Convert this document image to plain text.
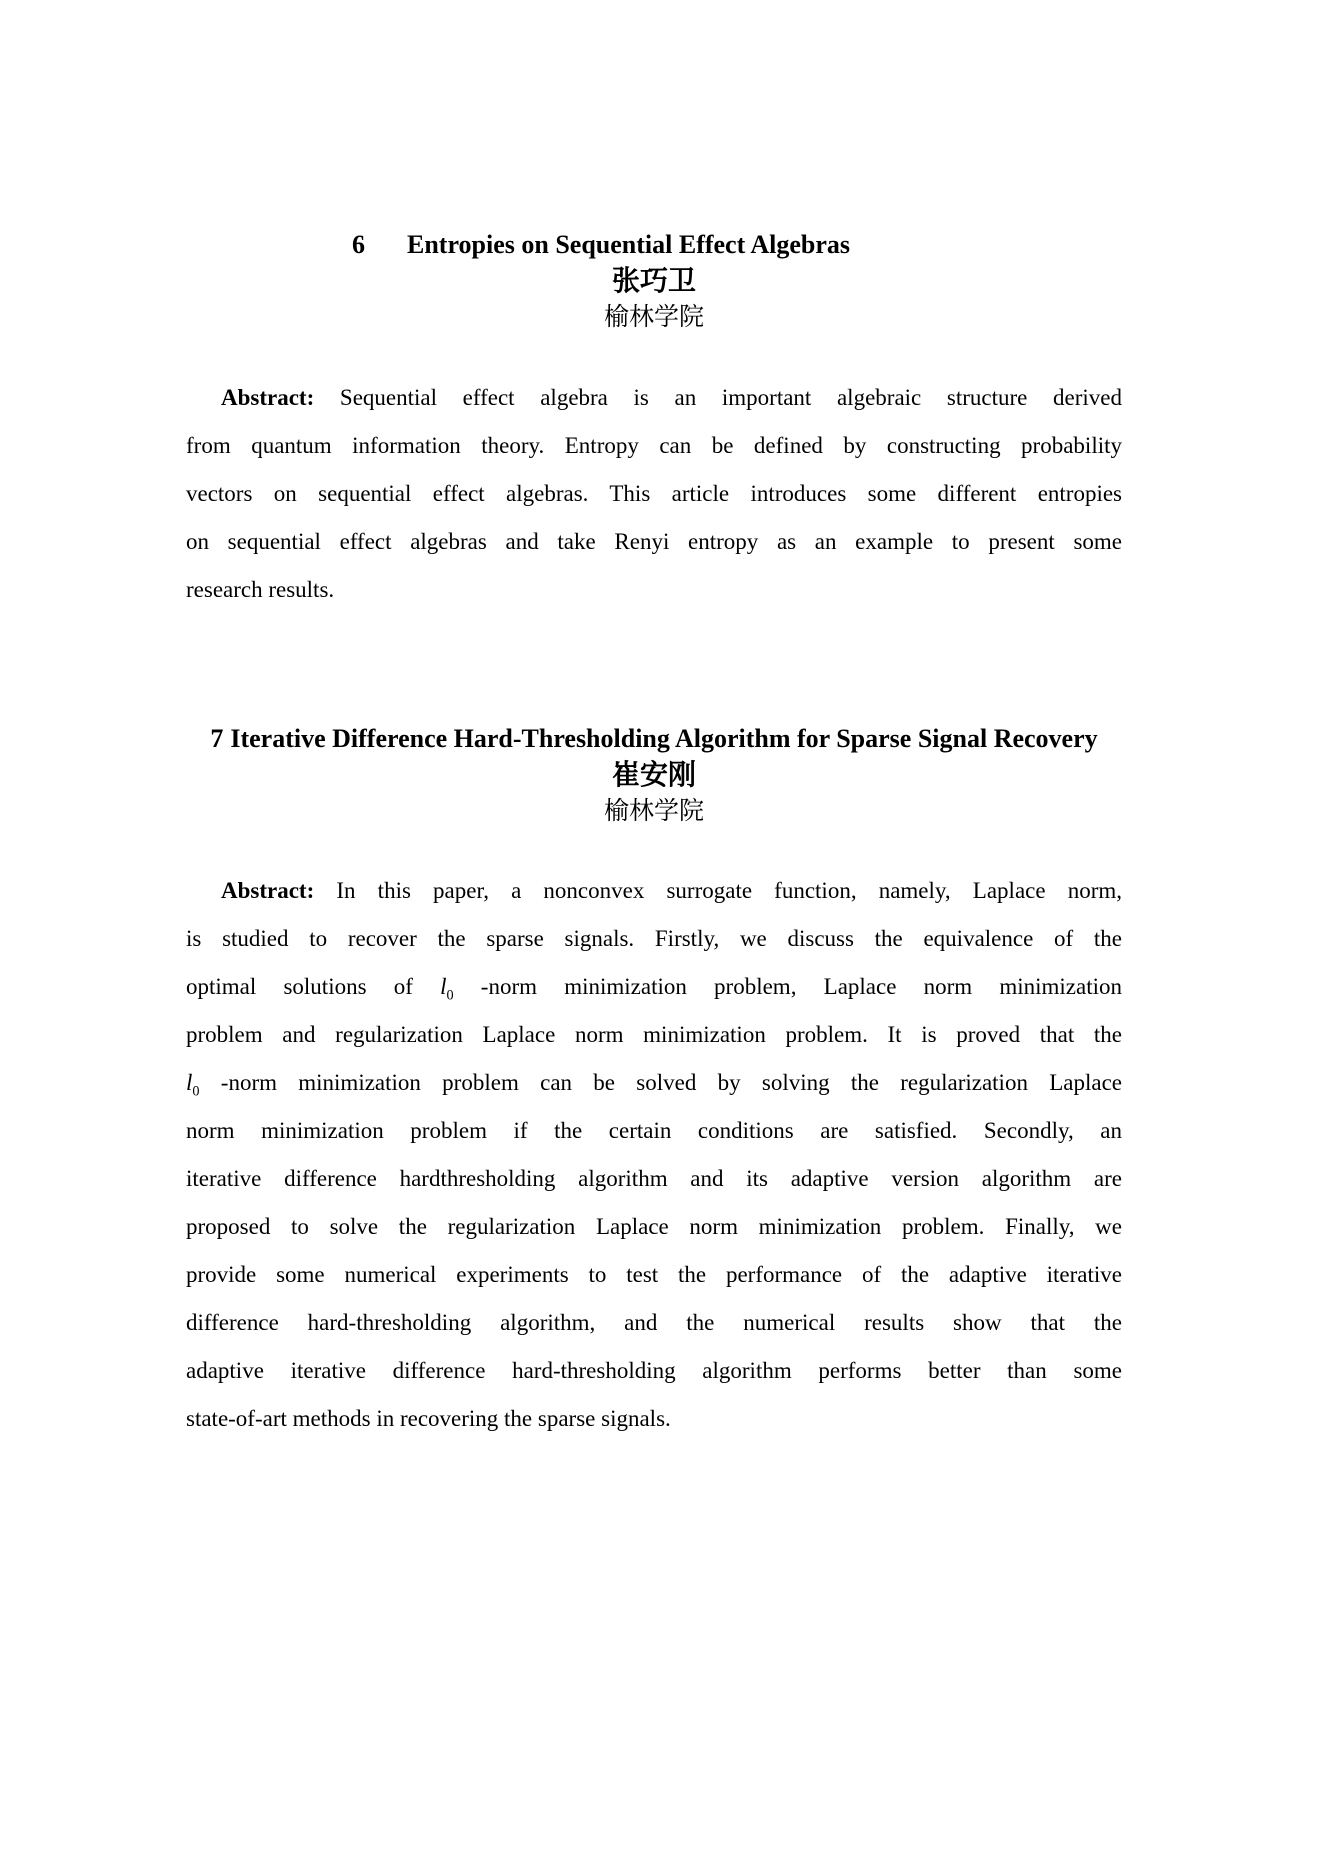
6 Entropies on Sequential Effect Algebras
张巧卫
榆林学院
Abstract: Sequential effect algebra is an important algebraic structure derived
from quantum information theory. Entropy can be defined by constructing probability
vectors on sequential effect algebras. This article introduces some different entropies
on sequential effect algebras and take Renyi entropy as an example to present some
research results.
7 Iterative Difference Hard-Thresholding Algorithm for Sparse Signal Recovery
崔安刚
榆林学院
Abstract: In this paper, a nonconvex surrogate function, namely, Laplace norm,
is studied to recover the sparse signals. Firstly, we discuss the equivalence of the
optimal solutions of $l_0$ -norm minimization problem, Laplace norm minimization
problem and regularization Laplace norm minimization problem. It is proved that the
$l_0$ -norm minimization problem can be solved by solving the regularization Laplace
norm minimization problem if the certain conditions are satisfied. Secondly, an
iterative difference hardthresholding algorithm and its adaptive version algorithm are
proposed to solve the regularization Laplace norm minimization problem. Finally, we
provide some numerical experiments to test the performance of the adaptive iterative
difference hard-thresholding algorithm, and the numerical results show that the
adaptive iterative difference hard-thresholding algorithm performs better than some
state-of-art methods in recovering the sparse signals.
